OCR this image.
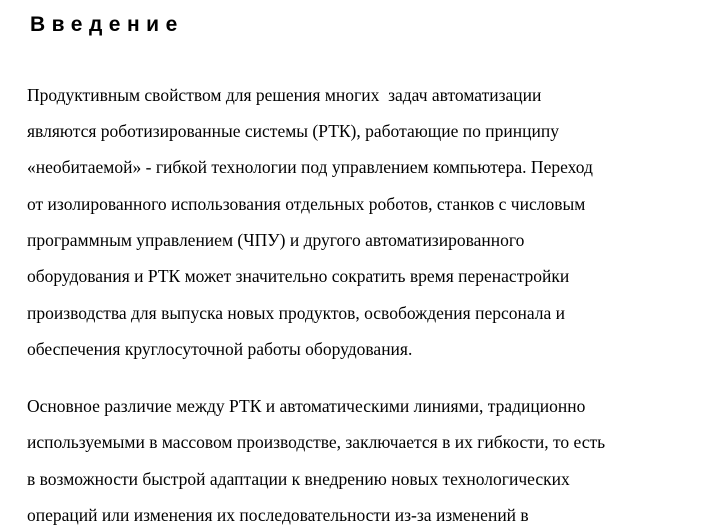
Введение

Продуктивным свойством для решения многих  задач автоматизации

являются роботизированные системы (РТК), работающие по принципу

«необитаемой» - гибкой технологии под управлением компьютера. Переход

от изолированного использования отдельных роботов, станков с числовым

программным управлением (ЧПУ) и другого автоматизированного

оборудования и РТК может значительно сократить время перенастройки

производства для выпуска новых продуктов, освобождения персонала и

обеспечения круглосуточной работы оборудования.

Основное различие между РТК и автоматическими линиями, традиционно

используемыми в массовом производстве, заключается в их гибкости, то есть

в возможности быстрой адаптации к внедрению новых технологических

операций или изменения их последовательности из-за изменений в
